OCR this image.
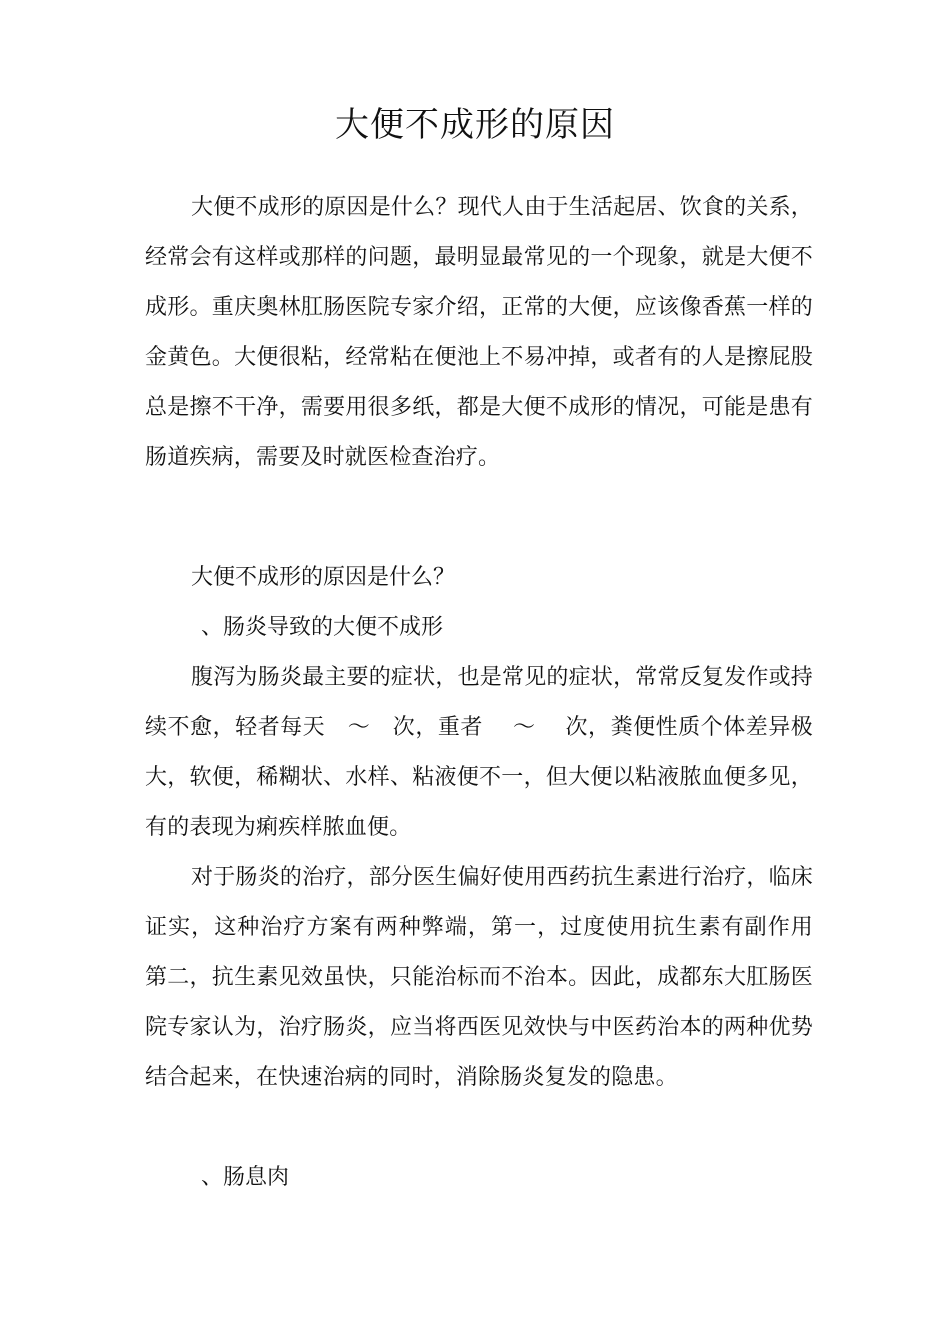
大便不成形的原因

大便不成形的原因是什么？现代人由于生活起居、饮食的关系，经常会有这样或那样的问题，最明显最常见的一个现象，就是大便不成形。重庆奥林肛肠医院专家介绍，正常的大便，应该像香蕉一样的金黄色。大便很粘，经常粘在便池上不易冲掉，或者有的人是擦屁股总是擦不干净，需要用很多纸，都是大便不成形的情况，可能是患有肠道疾病，需要及时就医检查治疗。

大便不成形的原因是什么？

、肠炎导致的大便不成形

腹泻为肠炎最主要的症状，也是常见的症状，常常反复发作或持续不愈，轻者每天　～　次，重者　 ～　 次，粪便性质个体差异极大，软便，稀糊状、水样、粘液便不一，但大便以粘液脓血便多见，有的表现为痢疾样脓血便。

对于肠炎的治疗，部分医生偏好使用西药抗生素进行治疗，临床证实，这种治疗方案有两种弊端，第一，过度使用抗生素有副作用 第二，抗生素见效虽快，只能治标而不治本。因此，成都东大肛肠医院专家认为，治疗肠炎，应当将西医见效快与中医药治本的两种优势结合起来，在快速治病的同时，消除肠炎复发的隐患。

、肠息肉
